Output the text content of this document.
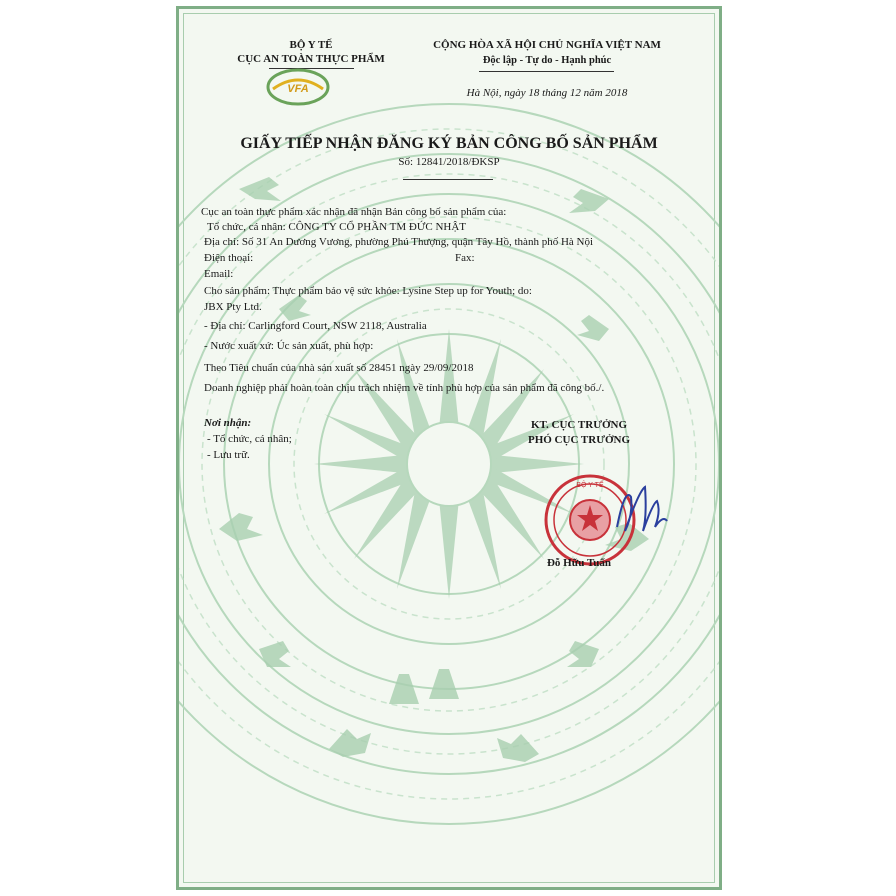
BỘ Y TẾ
CỤC AN TOÀN THỰC PHẨM
VFA
CỘNG HÒA XÃ HỘI CHỦ NGHĨA VIỆT NAM
Độc lập - Tự do - Hạnh phúc
Hà Nội, ngày 18 tháng 12 năm 2018
GIẤY TIẾP NHẬN ĐĂNG KÝ BẢN CÔNG BỐ SẢN PHẨM
Số: 12841/2018/ĐKSP
Cục an toàn thực phẩm xác nhận đã nhận Bản công bố sản phẩm của:
Tổ chức, cá nhân: CÔNG TY CỔ PHẦN TM ĐỨC NHẬT
Địa chỉ: Số 31 An Dương Vương, phường Phú Thượng, quận Tây Hồ, thành phố Hà Nội
Điện thoại:	Fax:
Email:
Cho sản phẩm: Thực phẩm bảo vệ sức khỏe: Lysine Step up for Youth; do:
JBX Pty Ltd.
- Địa chỉ: Carlingford Court, NSW 2118, Australia
- Nước xuất xứ: Úc sản xuất, phù hợp:
Theo Tiêu chuẩn của nhà sản xuất số 28451 ngày 29/09/2018
Doanh nghiệp phải hoàn toàn chịu trách nhiệm về tính phù hợp của sản phẩm đã công bố./.
Nơi nhận:
- Tổ chức, cá nhân;
- Lưu trữ.
KT. CỤC TRƯỞNG
PHÓ CỤC TRƯỞNG
BỘ Y TẾ
Đỗ Hữu Tuấn
